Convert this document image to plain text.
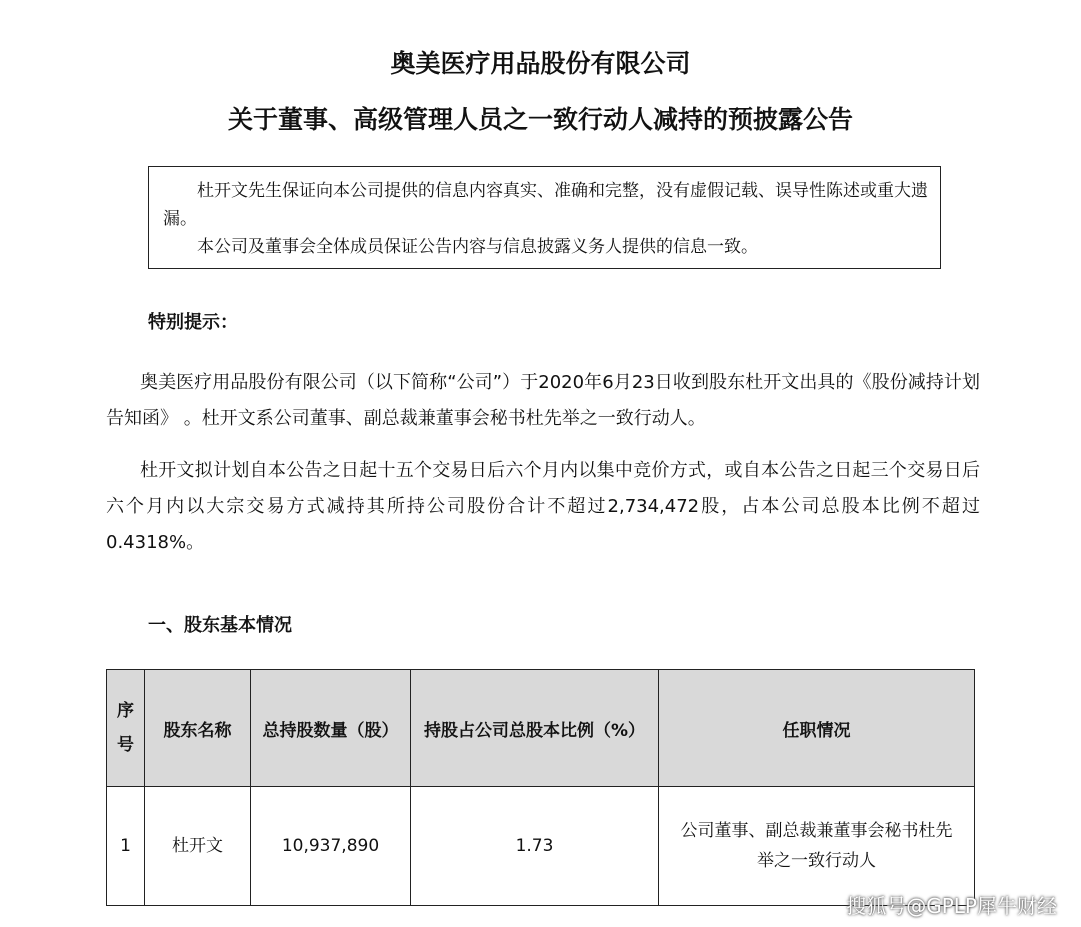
奥美医疗用品股份有限公司
关于董事、高级管理人员之一致行动人减持的预披露公告

杜开文先生保证向本公司提供的信息内容真实、准确和完整，没有虚假记载、误导性陈述或重大遗漏。

本公司及董事会全体成员保证公告内容与信息披露义务人提供的信息一致。

特别提示：

奥美医疗用品股份有限公司（以下简称“公司”）于2020年6月23日收到股东杜开文出具的《股份减持计划告知函》 。杜开文系公司董事、副总裁兼董事会秘书杜先举之一致行动人。

杜开文拟计划自本公告之日起十五个交易日后六个月内以集中竞价方式，或自本公告之日起三个交易日后六个月内以大宗交易方式减持其所持公司股份合计不超过2,734,472股，占本公司总股本比例不超过0.4318%。

一、股东基本情况
序号	股东名称	总持股数量（股）	持股占公司总股本比例（%）	任职情况
1	杜开文	10,937,890	1.73	公司董事、副总裁兼董事会秘书杜先举之一致行动人
搜狐号@GPLP犀牛财经
